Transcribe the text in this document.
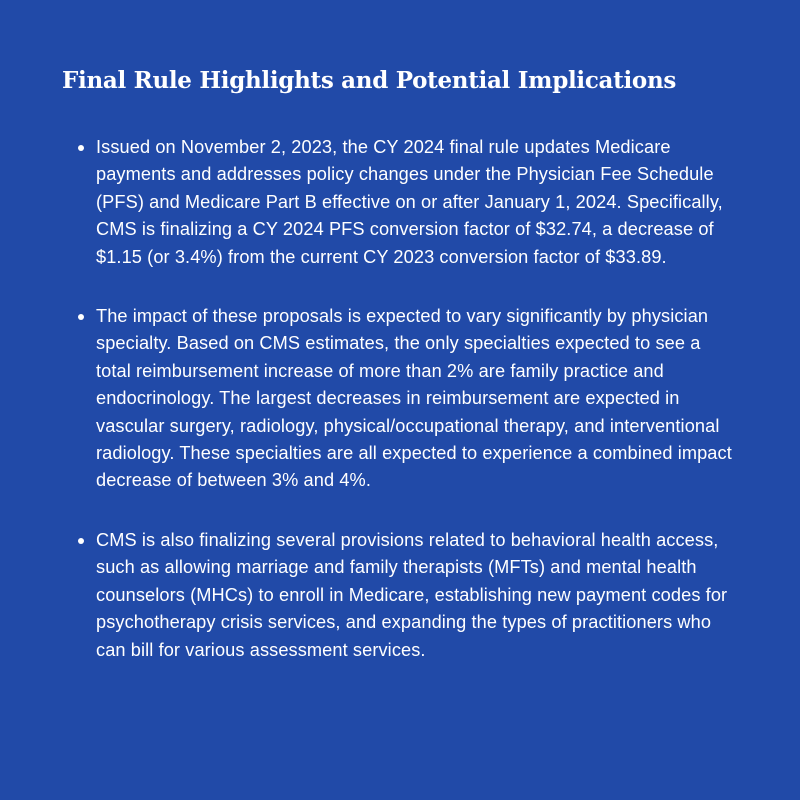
Final Rule Highlights and Potential Implications
Issued on November 2, 2023, the CY 2024 final rule updates Medicare payments and addresses policy changes under the Physician Fee Schedule (PFS) and Medicare Part B effective on or after January 1, 2024. Specifically, CMS is finalizing a CY 2024 PFS conversion factor of $32.74, a decrease of $1.15 (or 3.4%) from the current CY 2023 conversion factor of $33.89.
The impact of these proposals is expected to vary significantly by physician specialty. Based on CMS estimates, the only specialties expected to see a total reimbursement increase of more than 2% are family practice and endocrinology. The largest decreases in reimbursement are expected in vascular surgery, radiology, physical/occupational therapy, and interventional radiology. These specialties are all expected to experience a combined impact decrease of between 3% and 4%.
CMS is also finalizing several provisions related to behavioral health access, such as allowing marriage and family therapists (MFTs) and mental health counselors (MHCs) to enroll in Medicare, establishing new payment codes for psychotherapy crisis services, and expanding the types of practitioners who can bill for various assessment services.
